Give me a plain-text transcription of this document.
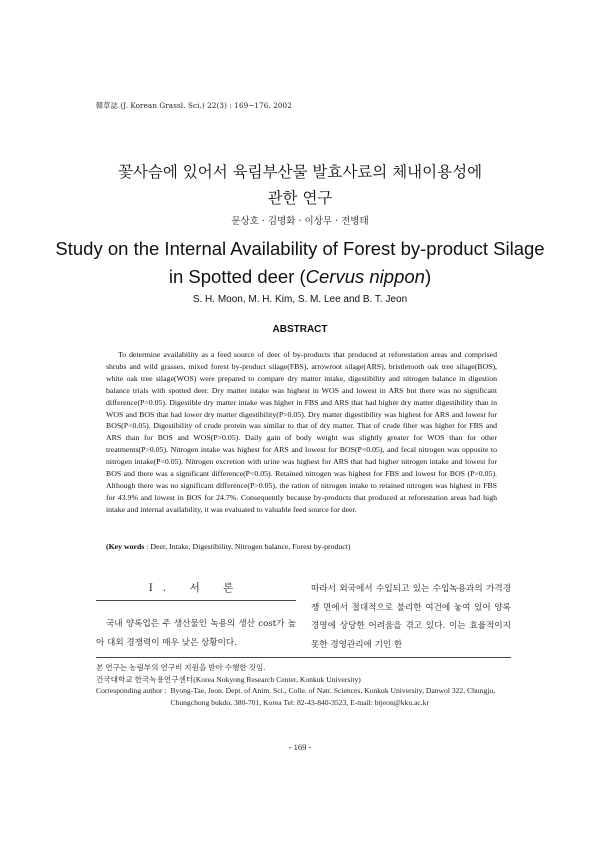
韓草誌 (J. Korean Grassl. Sci.) 22(3) : 169~176, 2002
꽃사슴에 있어서 육림부산물 발효사료의 체내이용성에
관한 연구
문상호 · 김명화 · 이상무 · 전병태
Study on the Internal Availability of Forest by-product Silage
in Spotted deer (Cervus nippon)
S. H. Moon, M. H. Kim, S. M. Lee and B. T. Jeon
ABSTRACT

To determine availability as a feed source of deer of by-products that produced at reforestation areas and comprised shrubs and wild grasses, mixed forest by-product silage(FBS), arrowroot silage(ARS), bristletooth oak tree silage(BOS), white oak tree silage(WOS) were prepared to compare dry matter intake, digestibility and nitrogen balance in digestion balance trials with spotted deer. Dry matter intake was highest in WOS and lowest in ARS but there was no significant difference(P>0.05). Digestible dry matter intake was higher in FBS and ARS that had higher dry matter digestibility than in WOS and BOS that had lower dry matter digestibility(P>0.05). Dry matter digestibility was highest for ARS and lowest for BOS(P<0.05). Digestibility of crude protein was similar to that of dry matter. That of crude fiber was higher for FBS and ARS than for BOS and WOS(P>0.05). Daily gain of body weight was slightly greater for WOS than for other treatments(P>0.05). Nitrogen intake was highest for ARS and lowest for BOS(P<0.05), and fecal nitrogen was opposite to nitrogen intake(P<0.05). Nitrogen excretion with urine was highest for ARS that had higher nitrogen intake and lowest for BOS and there was a significant difference(P<0.05). Retained nitrogen was highest for FBS and lowest for BOS (P>0.05). Although there was no significant difference(P>0.05), the ration of nitrogen intake to retained nitrogen was highest in FBS for 43.9% and lowest in BOS for 24.7%. Consequently because by-products that produced at reforestation areas had high intake and internal availability, it was evaluated to valuable feed source for deer.

(Key words : Deer, Intake, Digestibility, Nitrogen balance, Forest by-product)
Ⅰ. 서 론
국내 양록업은 주 생산물인 녹용의 생산 cost가 높아 대외 경쟁력이 매우 낮은 상황이다.
따라서 외국에서 수입되고 있는 수입녹용과의 가격경쟁 면에서 절대적으로 불리한 여건에 놓여 있어 양록 경영에 상당한 어려움을 겪고 있다. 이는 효율적이지 못한 경영관리에 기인 한

본 연구는 농림부의 연구비 지원을 받아 수행한 것임.

건국대학교 한국녹용연구센터(Korea Nokyong Research Center, Konkuk University)

Corresponding author : Byong-Tae, Jeon. Dept. of Anim. Sci., Colle. of Natr. Sciences, Konkuk University, Danwol 322, Chungju, Chungchong bukdo, 380-701, Korea Tel: 82-43-840-3523, E-mail: btjeon@kku.ac.kr
- 169 -
